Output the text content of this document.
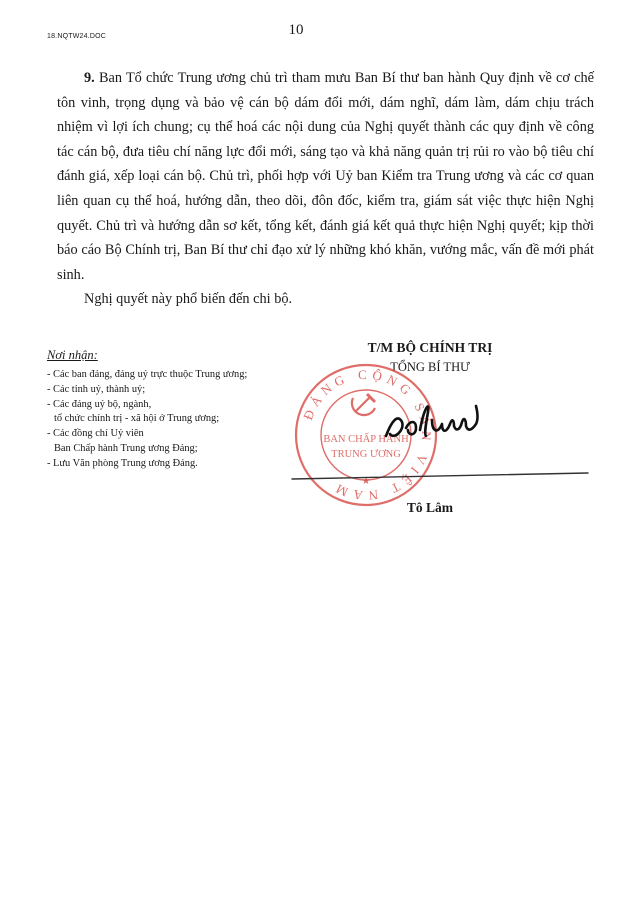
18.NQTW24.DOC	10

9. Ban Tổ chức Trung ương chủ trì tham mưu Ban Bí thư ban hành Quy định về cơ chế tôn vinh, trọng dụng và bảo vệ cán bộ dám đổi mới, dám nghĩ, dám làm, dám chịu trách nhiệm vì lợi ích chung; cụ thể hoá các nội dung của Nghị quyết thành các quy định về công tác cán bộ, đưa tiêu chí năng lực đổi mới, sáng tạo và khả năng quản trị rủi ro vào bộ tiêu chí đánh giá, xếp loại cán bộ. Chủ trì, phối hợp với Uỷ ban Kiểm tra Trung ương và các cơ quan liên quan cụ thể hoá, hướng dẫn, theo dõi, đôn đốc, kiểm tra, giám sát việc thực hiện Nghị quyết. Chủ trì và hướng dẫn sơ kết, tổng kết, đánh giá kết quả thực hiện Nghị quyết; kịp thời báo cáo Bộ Chính trị, Ban Bí thư chỉ đạo xử lý những khó khăn, vướng mắc, vấn đề mới phát sinh.

Nghị quyết này phổ biến đến chi bộ.

Nơi nhận:

- Các ban đảng, đảng uỷ trực thuộc Trung ương;
- Các tỉnh uỷ, thành uỷ;
- Các đảng uỷ bộ, ngành,
tổ chức chính trị - xã hội ở Trung ương;
- Các đồng chí Uỷ viên
Ban Chấp hành Trung ương Đảng;
- Lưu Văn phòng Trung ương Đảng.

T/M BỘ CHÍNH TRỊ

TỔNG BÍ THƯ

ĐẢNG CỘNG SẢN VIỆT NAM
BAN CHẤP HÀNH
TRUNG ƯƠNG
★
Tô Lâm
